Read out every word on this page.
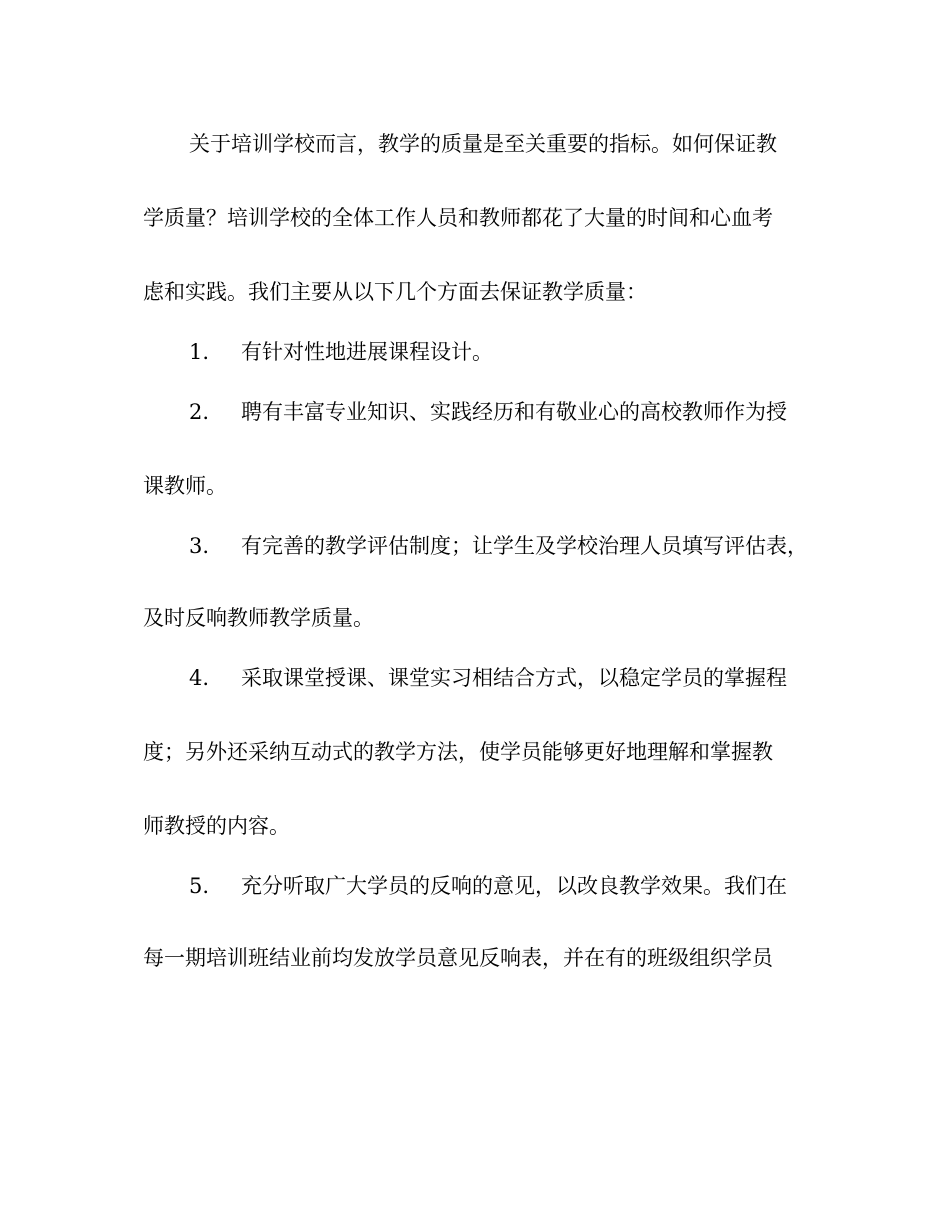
关于培训学校而言，教学的质量是至关重要的指标。如何保证教
学质量？培训学校的全体工作人员和教师都花了大量的时间和心血考
虑和实践。我们主要从以下几个方面去保证教学质量：
1. 有针对性地进展课程设计。
2. 聘有丰富专业知识、实践经历和有敬业心的高校教师作为授
课教师。
3. 有完善的教学评估制度；让学生及学校治理人员填写评估表，
及时反响教师教学质量。
4. 采取课堂授课、课堂实习相结合方式，以稳定学员的掌握程
度；另外还采纳互动式的教学方法，使学员能够更好地理解和掌握教
师教授的内容。
5. 充分听取广大学员的反响的意见，以改良教学效果。我们在
每一期培训班结业前均发放学员意见反响表，并在有的班级组织学员
